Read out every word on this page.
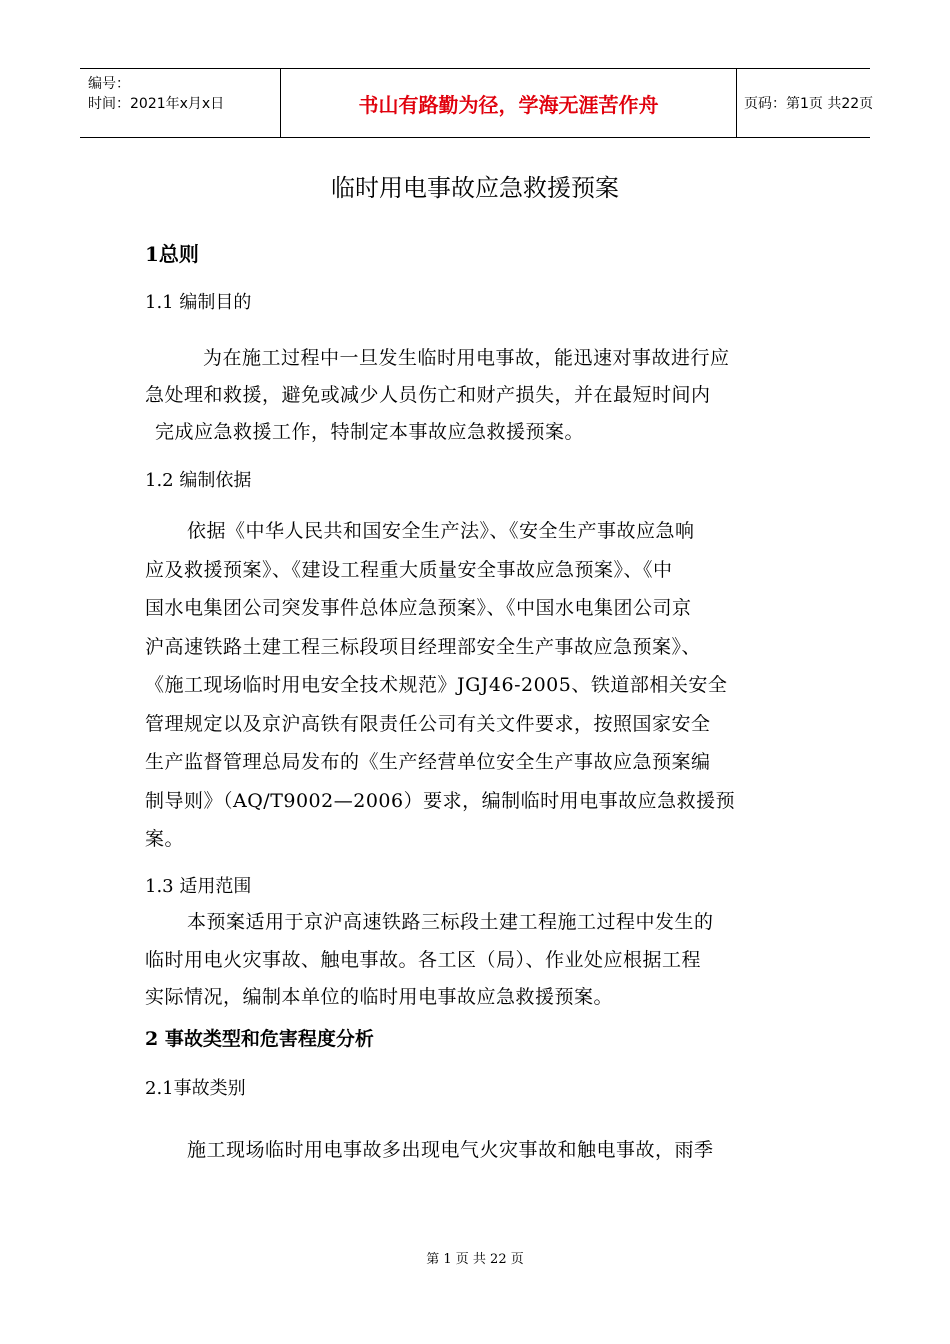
编号：
时间：2021年x月x日	书山有路勤为径，学海无涯苦作舟	页码：第1页 共22页
临时用电事故应急救援预案
1总则
1.1 编制目的
为在施工过程中一旦发生临时用电事故，能迅速对事故进行应
急处理和救援，避免或减少人员伤亡和财产损失，并在最短时间内
完成应急救援工作，特制定本事故应急救援预案。
1.2 编制依据
依据《中华人民共和国安全生产法》、《安全生产事故应急响
应及救援预案》、《建设工程重大质量安全事故应急预案》、《中
国水电集团公司突发事件总体应急预案》、《中国水电集团公司京
沪高速铁路土建工程三标段项目经理部安全生产事故应急预案》、
《施工现场临时用电安全技术规范》JGJ46-2005、铁道部相关安全
管理规定以及京沪高铁有限责任公司有关文件要求，按照国家安全
生产监督管理总局发布的《生产经营单位安全生产事故应急预案编
制导则》（AQ/T9002—2006）要求，编制临时用电事故应急救援预
案。
1.3 适用范围
本预案适用于京沪高速铁路三标段土建工程施工过程中发生的
临时用电火灾事故、触电事故。各工区（局）、作业处应根据工程
实际情况，编制本单位的临时用电事故应急救援预案。
2 事故类型和危害程度分析
2.1事故类别
施工现场临时用电事故多出现电气火灾事故和触电事故，雨季
第 1 页 共 22 页
